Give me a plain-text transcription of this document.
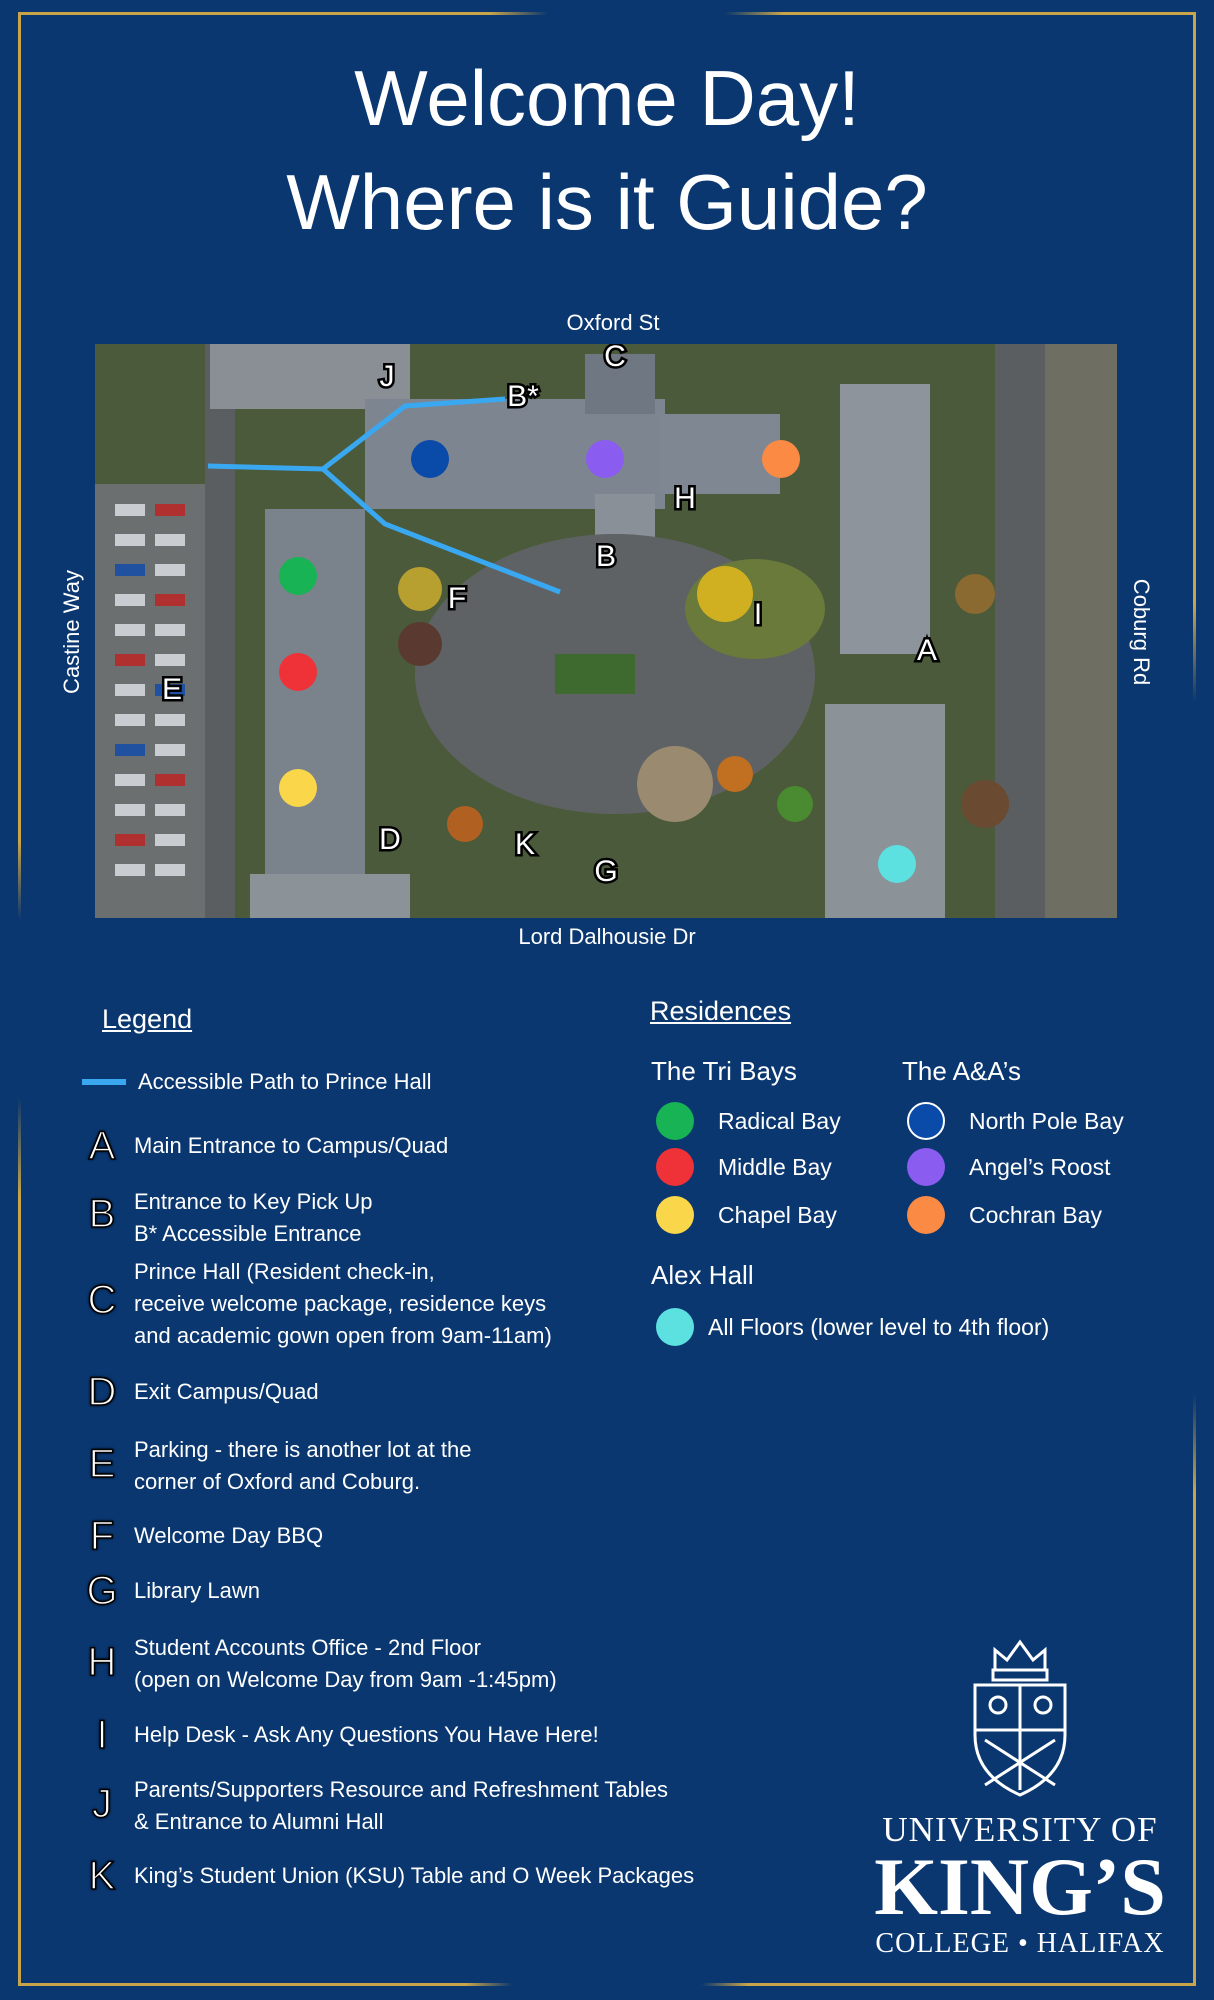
Welcome Day!
Where is it Guide?
Oxford St
Lord Dalhousie Dr
Castine Way	Coburg Rd
A
B
B*
C
D
E
F
G
H
I
J
K
Legend
Accessible Path to Prince Hall
A Main Entrance to Campus/Quad
B Entrance to Key Pick Up
B* Accessible Entrance
C
Prince Hall (Resident check-in,
receive welcome package, residence keys
and academic gown open from 9am-11am)
D Exit Campus/Quad
E Parking - there is another lot at the
corner of Oxford and Coburg.
F Welcome Day BBQ
G Library Lawn
H Student Accounts Office - 2nd Floor
(open on Welcome Day from 9am -1:45pm)
I	Help Desk - Ask Any Questions You Have Here!
J	Parents/Supporters Resource and Refreshment Tables
& Entrance to Alumni Hall
K King’s Student Union (KSU) Table and O Week Packages
Residences
The Tri Bays
Radical Bay
Middle Bay
Chapel Bay
The A&A’s
North Pole Bay
Angel’s Roost
Cochran Bay
Alex Hall
All Floors (lower level to 4th floor)
UNIVERSITY OF
KING’S
COLLEGE • HALIFAX
